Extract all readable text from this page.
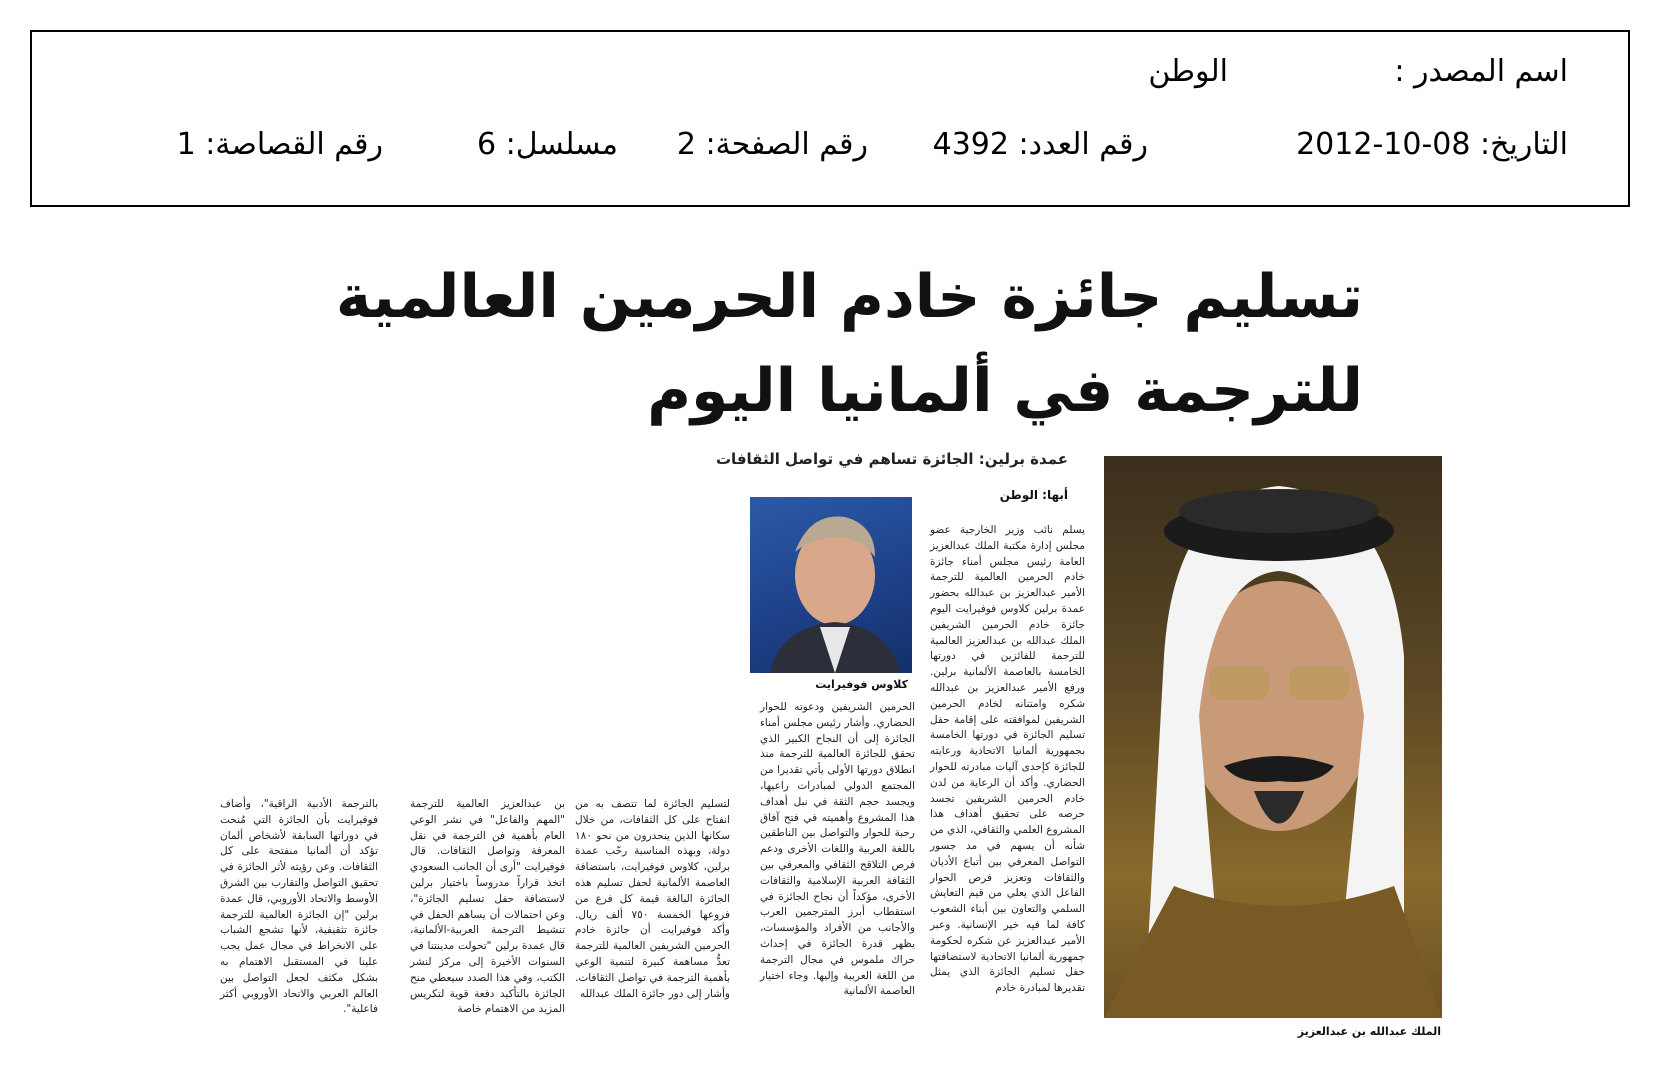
اسم المصدر :
الوطن
التاريخ: 08-10-2012
رقم العدد: 4392
رقم الصفحة: 2
مسلسل: 6
رقم القصاصة: 1
تسليم جائزة خادم الحرمين العالمية للترجمة في ألمانيا اليوم
الملك عبدالله بن عبدالعزيز
عمدة برلين: الجائزة تساهم في تواصل الثقافات
أبها: الوطن
كلاوس فوفيرايت
يسلم نائب وزير الخارجية عضو مجلس إدارة مكتبة الملك عبدالعزيز العامة رئيس مجلس أمناء جائزة خادم الحرمين العالمية للترجمة الأمير عبدالعزيز بن عبدالله بحضور عمدة برلين كلاوس فوفيرايت اليوم جائزة خادم الحرمين الشريفين الملك عبدالله بن عبدالعزيز العالمية للترجمة للفائزين في دورتها الخامسة بالعاصمة الألمانية برلين. ورفع الأمير عبدالعزيز بن عبدالله شكره وامتنانه لخادم الحرمين الشريفين لموافقته على إقامة حفل تسليم الجائزة في دورتها الخامسة بجمهورية ألمانيا الاتحادية ورعايته للجائزة كإحدى آليات مبادرته للحوار الحضاري. وأكد أن الرعاية من لدن خادم الحرمين الشريفين تجسد حرصه على تحقيق أهداف هذا المشروع العلمي والثقافي، الذي من شأنه أن يسهم في مد جسور التواصل المعرفي بين أتباع الأديان والثقافات وتعزيز فرص الحوار الفاعل الذي يعلي من قيم التعايش السلمي والتعاون بين أبناء الشعوب كافة لما فيه خير الإنسانية. وعبر الأمير عبدالعزيز عن شكره لحكومة جمهورية ألمانيا الاتحادية لاستضافتها حفل تسليم الجائزة الذي يمثل تقديرها لمبادرة خادم
الحرمين الشريفين ودعوته للحوار الحضاري. وأشار رئيس مجلس أمناء الجائزة إلى أن النجاح الكبير الذي تحقق للجائزة العالمية للترجمة منذ انطلاق دورتها الأولى يأتي تقديرا من المجتمع الدولي لمبادرات راعيها، ويجسد حجم الثقة في نبل أهداف هذا المشروع وأهميته في فتح آفاق رحبة للحوار والتواصل بين الناطقين باللغة العربية واللغات الأخرى ودعم فرص التلاقح الثقافي والمعرفي بين الثقافة العربية الإسلامية والثقافات الأخرى، مؤكداً أن نجاح الجائزة في استقطاب أبرز المترجمين العرب والأجانب من الأفراد والمؤسسات، يظهر قدرة الجائزة في إحداث حراك ملموس في مجال الترجمة من اللغة العربية وإليها. وجاء اختيار العاصمة الألمانية
لتسليم الجائزة لما تتصف به من انفتاح على كل الثقافات، من خلال سكانها الذين ينحدرون من نحو ١٨٠ دولة، وبهذه المناسبة رحّب عمدة برلين، كلاوس فوفيرايت، باستضافة العاصمة الألمانية لحفل تسليم هذه الجائزة البالغة قيمة كل فرع من فروعها الخمسة ٧٥٠ ألف ريال. وأكد فوفيرايت أن جائزة خادم الحرمين الشريفين العالمية للترجمة تعدُّ مساهمة كبيرة لتنمية الوعي بأهمية الترجمة في تواصل الثقافات. وأشار إلى دور جائزة الملك عبدالله
بن عبدالعزيز العالمية للترجمة "المهم والفاعل" في نشر الوعي العام بأهمية فن الترجمة في نقل المعرفة وتواصل الثقافات. قال فوفيرايت "أرى أن الجانب السعودي اتخذ قراراً مدروساً باختيار برلين لاستضافة حفل تسليم الجائزة"، وعن احتمالات أن يساهم الحفل في تنشيط الترجمة العربية-الألمانية، قال عمدة برلين "تحولت مدينتنا في السنوات الأخيرة إلى مركز لنشر الكتب، وفي هذا الصدد سيعطي منح الجائزة بالتأكيد دفعة قوية لتكريس المزيد من الاهتمام خاصة
بالترجمة الأدبية الراقية"، وأضاف فوفيرايت بأن الجائزة التي مُنحت في دوراتها السابقة لأشخاص ألمان تؤكد أن ألمانيا منفتحة على كل الثقافات. وعن رؤيته لأثر الجائزة في تحقيق التواصل والتقارب بين الشرق الأوسط والاتحاد الأوروبي، قال عمدة برلين "إن الجائزة العالمية للترجمة جائزة تثقيفية، لأنها تشجع الشباب على الانخراط في مجال عمل يجب علينا في المستقبل الاهتمام به بشكل مكثف لجعل التواصل بين العالم العربي والاتحاد الأوروبي أكثر فاعلية".
